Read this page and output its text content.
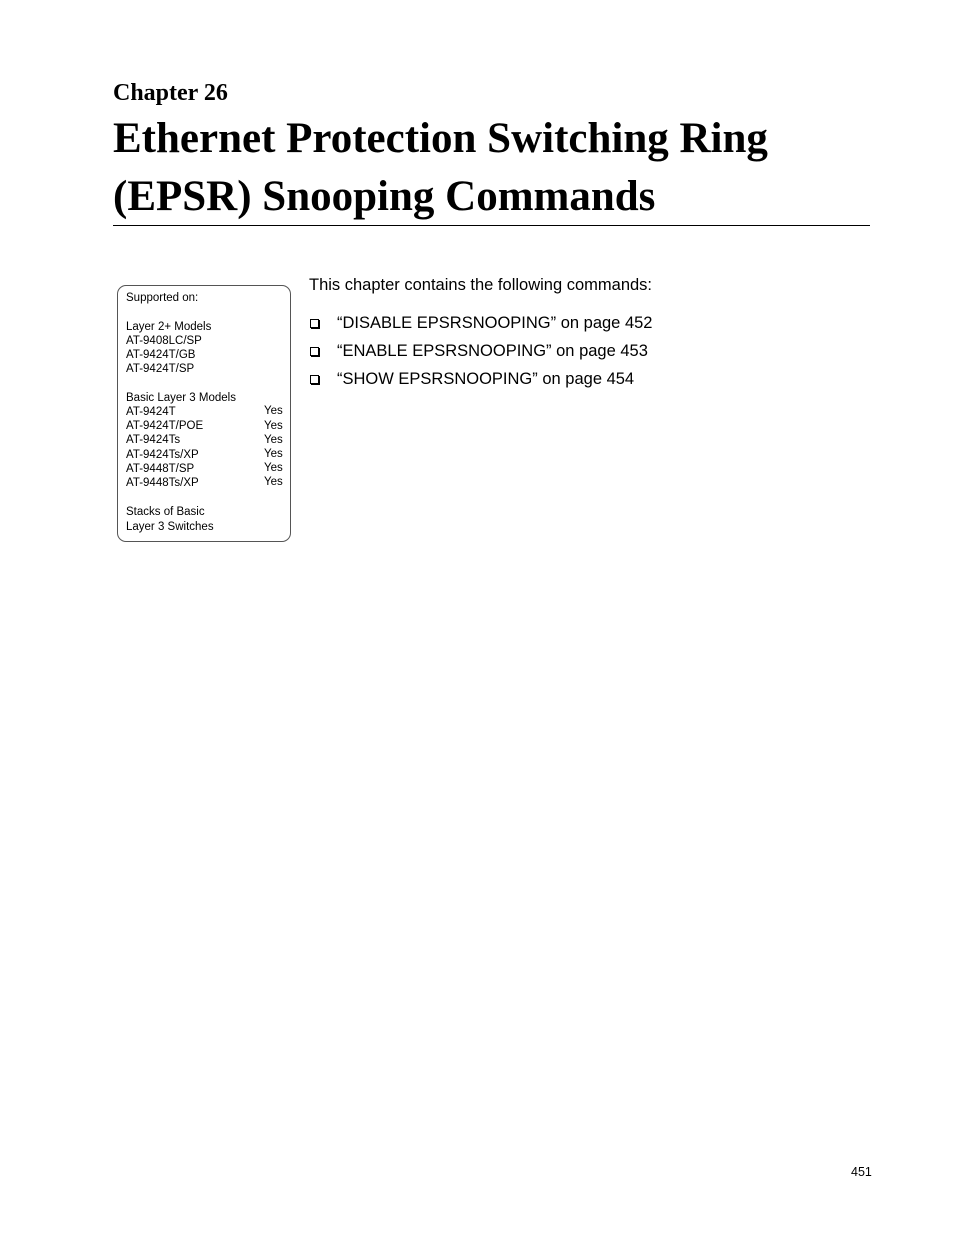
Chapter 26
Ethernet Protection Switching Ring (EPSR) Snooping Commands
Supported on:
Layer 2+ Models
AT-9408LC/SP
AT-9424T/GB
AT-9424T/SP
Basic Layer 3 Models
AT-9424T	Yes
AT-9424T/POE	Yes
AT-9424Ts	Yes
AT-9424Ts/XP	Yes
AT-9448T/SP	Yes
AT-9448Ts/XP	Yes
Stacks of Basic
Layer 3 Switches
This chapter contains the following commands:
“DISABLE EPSRSNOOPING” on page 452
“ENABLE EPSRSNOOPING” on page 453
“SHOW EPSRSNOOPING” on page 454
451
